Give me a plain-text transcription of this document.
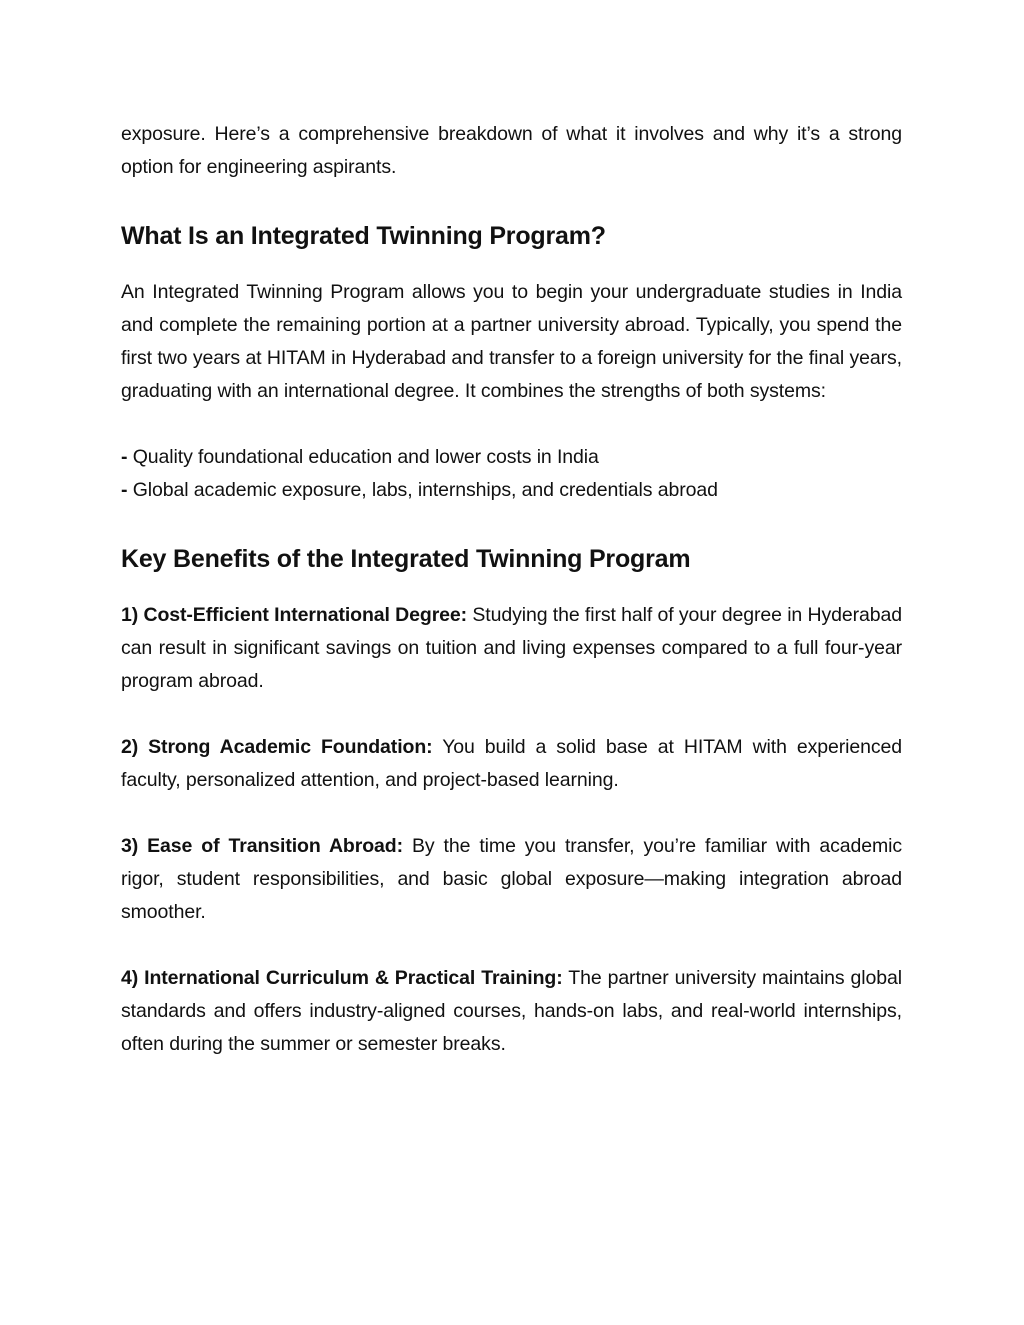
exposure. Here’s a comprehensive breakdown of what it involves and why it’s a strong option for engineering aspirants.

What Is an Integrated Twinning Program?

An Integrated Twinning Program allows you to begin your undergraduate studies in India and complete the remaining portion at a partner university abroad. Typically, you spend the first two years at HITAM in Hyderabad and transfer to a foreign university for the final years, graduating with an international degree. It combines the strengths of both systems:

- Quality foundational education and lower costs in India
- Global academic exposure, labs, internships, and credentials abroad
Key Benefits of the Integrated Twinning Program

1) Cost-Efficient International Degree: Studying the first half of your degree in Hyderabad can result in significant savings on tuition and living expenses compared to a full four-year program abroad.

2) Strong Academic Foundation: You build a solid base at HITAM with experienced faculty, personalized attention, and project-based learning.

3) Ease of Transition Abroad: By the time you transfer, you’re familiar with academic rigor, student responsibilities, and basic global exposure—making integration abroad smoother.

4) International Curriculum & Practical Training: The partner university maintains global standards and offers industry-aligned courses, hands-on labs, and real-world internships, often during the summer or semester breaks.
